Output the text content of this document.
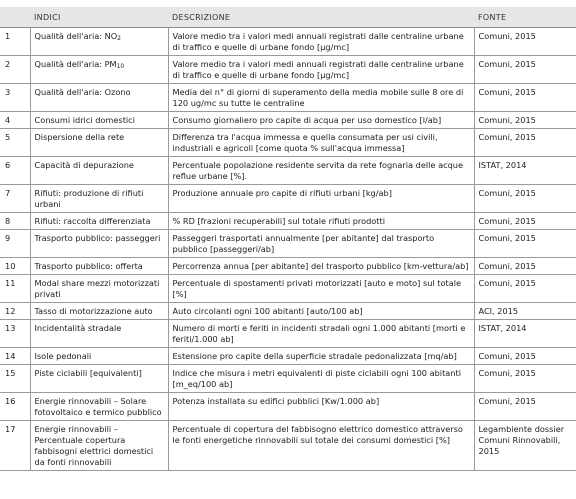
	INDICI	DESCRIZIONE	FONTE
1	Qualità dell'aria: $NO_2$	Valore medio tra i valori medi annuali registrati dalle centraline urbane di traffico e quelle di urbane fondo [µg/mc]	Comuni, 2015
2	Qualità dell'aria: $PM_{10}$	Valore medio tra i valori medi annuali registrati dalle centraline urbane di traffico e quelle di urbane fondo [µg/mc]	Comuni, 2015
3	Qualità dell'aria: Ozono	Media del n° di giorni di superamento della media mobile sulle 8 ore di 120 ug/mc su tutte le centraline	Comuni, 2015
4	Consumi idrici domestici	Consumo giornaliero pro capite di acqua per uso domestico [l/ab]	Comuni, 2015
5	Dispersione della rete	Differenza tra l'acqua immessa e quella consumata per usi civili, industriali e agricoli [come quota % sull'acqua immessa]	Comuni, 2015
6	Capacità di depurazione	Percentuale popolazione residente servita da rete fognaria delle acque reflue urbane [%].	ISTAT, 2014
7	Rifiuti: produzione di rifiuti urbani	Produzione annuale pro capite di rifiuti urbani [kg/ab]	Comuni, 2015
8	Rifiuti: raccolta differenziata	% RD [frazioni recuperabili] sul totale rifiuti prodotti	Comuni, 2015
9	Trasporto pubblico: passeggeri	Passeggeri trasportati annualmente [per abitante] dal trasporto pubblico [passeggeri/ab]	Comuni, 2015
10	Trasporto pubblico: offerta	Percorrenza annua [per abitante] del trasporto pubblico [km-vettura/ab]	Comuni, 2015
11	Modal share mezzi motorizzati privati	Percentuale di spostamenti privati motorizzati [auto e moto] sul totale [%]	Comuni, 2015
12	Tasso di motorizzazione auto	Auto circolanti ogni 100 abitanti [auto/100 ab]	ACI, 2015
13	Incidentalità stradale	Numero di morti e feriti in incidenti stradali ogni 1.000 abitanti [morti e feriti/1.000 ab]	ISTAT, 2014
14	Isole pedonali	Estensione pro capite della superficie stradale pedonalizzata [mq/ab]	Comuni, 2015
15	Piste ciclabili [equivalenti]	Indice che misura i metri equivalenti di piste ciclabili ogni 100 abitanti [m_eq/100 ab]	Comuni, 2015
16	Energie rinnovabili – Solare fotovoltaico e termico pubblico	Potenza installata su edifici pubblici [Kw/1.000 ab]	Comuni, 2015
17	Energie rinnovabili – Percentuale copertura fabbisogni elettrici domestici da fonti rinnovabili	Percentuale di copertura del fabbisogno elettrico domestico attraverso le fonti energetiche rinnovabili sul totale dei consumi domestici [%]	Legambiente dossier Comuni Rinnovabili, 2015
